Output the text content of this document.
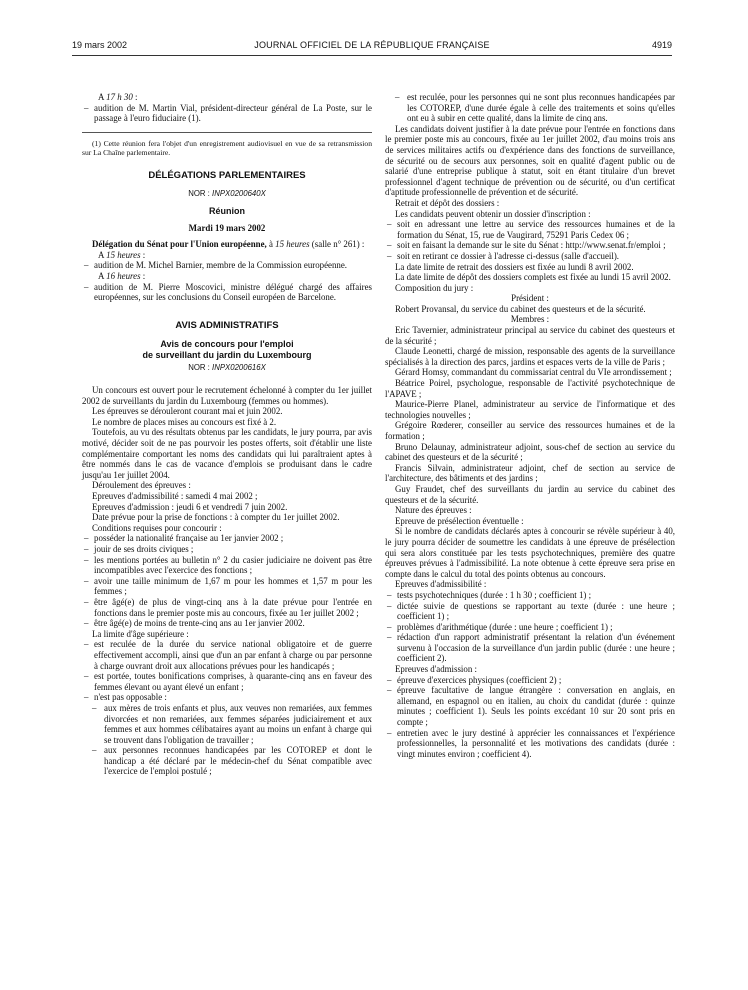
19 mars 2002	JOURNAL OFFICIEL DE LA RÉPUBLIQUE FRANÇAISE	4919

A 17 h 30 :

– audition de M. Martin Vial, président-directeur général de La Poste, sur le passage à l'euro fiduciaire (1).

(1) Cette réunion fera l'objet d'un enregistrement audiovisuel en vue de sa retransmission sur La Chaîne parlementaire.

DÉLÉGATIONS PARLEMENTAIRES

NOR : INPX0200640X

Réunion

Mardi 19 mars 2002

Délégation du Sénat pour l'Union européenne, à 15 heures (salle n° 261) :

A 15 heures :

– audition de M. Michel Barnier, membre de la Commission européenne.

A 16 heures :

– audition de M. Pierre Moscovici, ministre délégué chargé des affaires européennes, sur les conclusions du Conseil européen de Barcelone.

AVIS ADMINISTRATIFS

Avis de concours pour l'emploi

de surveillant du jardin du Luxembourg

NOR : INPX0200616X

Un concours est ouvert pour le recrutement échelonné à compter du 1er juillet 2002 de surveillants du jardin du Luxembourg (femmes ou hommes).

Les épreuves se dérouleront courant mai et juin 2002.

Le nombre de places mises au concours est fixé à 2.

Toutefois, au vu des résultats obtenus par les candidats, le jury pourra, par avis motivé, décider soit de ne pas pourvoir les postes offerts, soit d'établir une liste complémentaire comportant les noms des candidats qui lui paraîtraient aptes à être nommés dans le cas de vacance d'emplois se produisant dans le cadre jusqu'au 1er juillet 2004.

Déroulement des épreuves :

Epreuves d'admissibilité : samedi 4 mai 2002 ;

Epreuves d'admission : jeudi 6 et vendredi 7 juin 2002.

Date prévue pour la prise de fonctions : à compter du 1er juillet 2002.

Conditions requises pour concourir :

– posséder la nationalité française au 1er janvier 2002 ;

– jouir de ses droits civiques ;

– les mentions portées au bulletin n° 2 du casier judiciaire ne doivent pas être incompatibles avec l'exercice des fonctions ;

– avoir une taille minimum de 1,67 m pour les hommes et 1,57 m pour les femmes ;

– être âgé(e) de plus de vingt-cinq ans à la date prévue pour l'entrée en fonctions dans le premier poste mis au concours, fixée au 1er juillet 2002 ;

– être âgé(e) de moins de trente-cinq ans au 1er janvier 2002.

La limite d'âge supérieure :

– est reculée de la durée du service national obligatoire et de guerre effectivement accompli, ainsi que d'un an par enfant à charge ou par personne à charge ouvrant droit aux allocations prévues pour les handicapés ;

– est portée, toutes bonifications comprises, à quarante-cinq ans en faveur des femmes élevant ou ayant élevé un enfant ;

– n'est pas opposable :

– aux mères de trois enfants et plus, aux veuves non remariées, aux femmes divorcées et non remariées, aux femmes séparées judiciairement et aux femmes et aux hommes célibataires ayant au moins un enfant à charge qui se trouvent dans l'obligation de travailler ;

– aux personnes reconnues handicapées par les COTOREP et dont le handicap a été déclaré par le médecin-chef du Sénat compatible avec l'exercice de l'emploi postulé ;

– est reculée, pour les personnes qui ne sont plus reconnues handicapées par les COTOREP, d'une durée égale à celle des traitements et soins qu'elles ont eu à subir en cette qualité, dans la limite de cinq ans.

Les candidats doivent justifier à la date prévue pour l'entrée en fonctions dans le premier poste mis au concours, fixée au 1er juillet 2002, d'au moins trois ans de services militaires actifs ou d'expérience dans des fonctions de surveillance, de sécurité ou de secours aux personnes, soit en qualité d'agent public ou de salarié d'une entreprise publique à statut, soit en étant titulaire d'un brevet professionnel d'agent technique de prévention ou de sécurité, ou d'un certificat d'aptitude professionnelle de prévention et de sécurité.

Retrait et dépôt des dossiers :

Les candidats peuvent obtenir un dossier d'inscription :

– soit en adressant une lettre au service des ressources humaines et de la formation du Sénat, 15, rue de Vaugirard, 75291 Paris Cedex 06 ;

– soit en faisant la demande sur le site du Sénat : http://www.senat.fr/emploi ;

– soit en retirant ce dossier à l'adresse ci-dessus (salle d'accueil).

La date limite de retrait des dossiers est fixée au lundi 8 avril 2002.

La date limite de dépôt des dossiers complets est fixée au lundi 15 avril 2002.

Composition du jury :

Président :

Robert Provansal, du service du cabinet des questeurs et de la sécurité.

Membres :

Eric Tavernier, administrateur principal au service du cabinet des questeurs et de la sécurité ;

Claude Leonetti, chargé de mission, responsable des agents de la surveillance spécialisés à la direction des parcs, jardins et espaces verts de la ville de Paris ;

Gérard Homsy, commandant du commissariat central du VIe arrondissement ;

Béatrice Poirel, psychologue, responsable de l'activité psychotechnique de l'APAVE ;

Maurice-Pierre Planel, administrateur au service de l'informatique et des technologies nouvelles ;

Grégoire Rœderer, conseiller au service des ressources humaines et de la formation ;

Bruno Delaunay, administrateur adjoint, sous-chef de section au service du cabinet des questeurs et de la sécurité ;

Francis Silvain, administrateur adjoint, chef de section au service de l'architecture, des bâtiments et des jardins ;

Guy Fraudet, chef des surveillants du jardin au service du cabinet des questeurs et de la sécurité.

Nature des épreuves :

Epreuve de présélection éventuelle :

Si le nombre de candidats déclarés aptes à concourir se révèle supérieur à 40, le jury pourra décider de soumettre les candidats à une épreuve de présélection qui sera alors constituée par les tests psychotechniques, première des quatre épreuves prévues à l'admissibilité. La note obtenue à cette épreuve sera prise en compte dans le calcul du total des points obtenus au concours.

Epreuves d'admissibilité :

– tests psychotechniques (durée : 1 h 30 ; coefficient 1) ;

– dictée suivie de questions se rapportant au texte (durée : une heure ; coefficient 1) ;

– problèmes d'arithmétique (durée : une heure ; coefficient 1) ;

– rédaction d'un rapport administratif présentant la relation d'un événement survenu à l'occasion de la surveillance d'un jardin public (durée : une heure ; coefficient 2).

Epreuves d'admission :

– épreuve d'exercices physiques (coefficient 2) ;

– épreuve facultative de langue étrangère : conversation en anglais, en allemand, en espagnol ou en italien, au choix du candidat (durée : quinze minutes ; coefficient 1). Seuls les points excédant 10 sur 20 sont pris en compte ;

– entretien avec le jury destiné à apprécier les connaissances et l'expérience professionnelles, la personnalité et les motivations des candidats (durée : vingt minutes environ ; coefficient 4).
